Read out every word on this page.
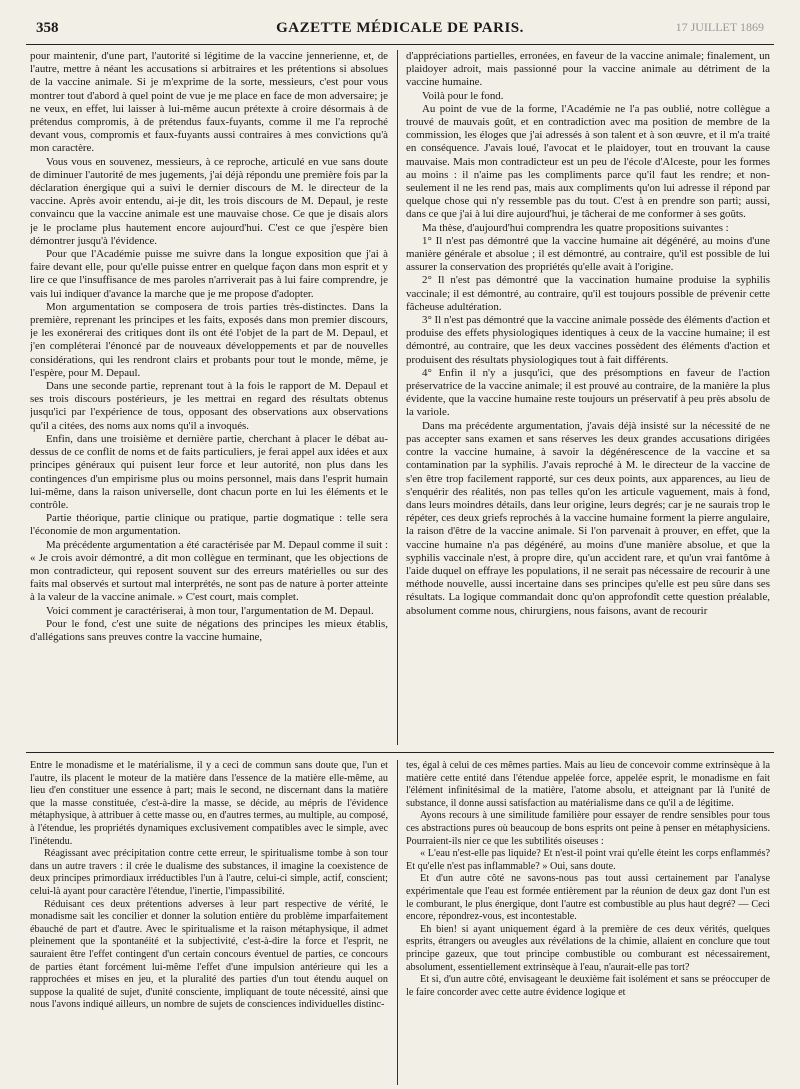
358	GAZETTE MÉDICALE DE PARIS.	17 JUILLET 1869

pour maintenir, d'une part, l'autorité si légitime de la vaccine jennerienne, et, de l'autre, mettre à néant les accusations si arbitraires et les prétentions si absolues de la vaccine animale. Si je m'exprime de la sorte, messieurs, c'est pour vous montrer tout d'abord à quel point de vue je me place en face de mon adversaire; je ne veux, en effet, lui laisser à lui-même aucun prétexte à croire désormais à de prétendus compromis, à de prétendus faux-fuyants, comme il me l'a reproché devant vous, compromis et faux-fuyants aussi contraires à mes convictions qu'à mon caractère.

Vous vous en souvenez, messieurs, à ce reproche, articulé en vue sans doute de diminuer l'autorité de mes jugements, j'ai déjà répondu une première fois par la déclaration énergique qui a suivi le dernier discours de M. le directeur de la vaccine. Après avoir entendu, ai-je dit, les trois discours de M. Depaul, je reste convaincu que la vaccine animale est une mauvaise chose. Ce que je disais alors je le proclame plus hautement encore aujourd'hui. C'est ce que j'espère bien démontrer jusqu'à l'évidence.

Pour que l'Académie puisse me suivre dans la longue exposition que j'ai à faire devant elle, pour qu'elle puisse entrer en quelque façon dans mon esprit et y lire ce que l'insuffisance de mes paroles n'arriverait pas à lui faire comprendre, je vais lui indiquer d'avance la marche que je me propose d'adopter.

Mon argumentation se composera de trois parties très-distinctes. Dans la première, reprenant les principes et les faits, exposés dans mon premier discours, je les exonérerai des critiques dont ils ont été l'objet de la part de M. Depaul, et j'en compléterai l'énoncé par de nouveaux développements et par de nouvelles considérations, qui les rendront clairs et probants pour tout le monde, même, je l'espère, pour M. Depaul.

Dans une seconde partie, reprenant tout à la fois le rapport de M. Depaul et ses trois discours postérieurs, je les mettrai en regard des résultats obtenus jusqu'ici par l'expérience de tous, opposant des observations aux observations qu'il a citées, des noms aux noms qu'il a invoqués.

Enfin, dans une troisième et dernière partie, cherchant à placer le débat au-dessus de ce conflit de noms et de faits particuliers, je ferai appel aux idées et aux principes généraux qui puisent leur force et leur autorité, non plus dans les contingences d'un empirisme plus ou moins personnel, mais dans l'esprit humain lui-même, dans la raison universelle, dont chacun porte en lui les éléments et le contrôle.

Partie théorique, partie clinique ou pratique, partie dogmatique : telle sera l'économie de mon argumentation.

Ma précédente argumentation a été caractérisée par M. Depaul comme il suit : « Je crois avoir démontré, a dit mon collègue en terminant, que les objections de mon contradicteur, qui reposent souvent sur des erreurs matérielles ou sur des faits mal observés et surtout mal interprétés, ne sont pas de nature à porter atteinte à la valeur de la vaccine animale. » C'est court, mais complet.

Voici comment je caractériserai, à mon tour, l'argumentation de M. Depaul.

Pour le fond, c'est une suite de négations des principes les mieux établis, d'allégations sans preuves contre la vaccine humaine,

d'appréciations partielles, erronées, en faveur de la vaccine animale; finalement, un plaidoyer adroit, mais passionné pour la vaccine animale au détriment de la vaccine humaine.

Voilà pour le fond.

Au point de vue de la forme, l'Académie ne l'a pas oublié, notre collègue a trouvé de mauvais goût, et en contradiction avec ma position de membre de la commission, les éloges que j'ai adressés à son talent et à son œuvre, et il m'a traité en conséquence. J'avais loué, l'avocat et le plaidoyer, tout en trouvant la cause mauvaise. Mais mon contradicteur est un peu de l'école d'Alceste, pour les formes au moins : il n'aime pas les compliments parce qu'il faut les rendre; et non-seulement il ne les rend pas, mais aux compliments qu'on lui adresse il répond par quelque chose qui n'y ressemble pas du tout. C'est à en prendre son parti; aussi, dans ce que j'ai à lui dire aujourd'hui, je tâcherai de me conformer à ses goûts.

Ma thèse, d'aujourd'hui comprendra les quatre propositions suivantes :

1° Il n'est pas démontré que la vaccine humaine ait dégénéré, au moins d'une manière générale et absolue ; il est démontré, au contraire, qu'il est possible de lui assurer la conservation des propriétés qu'elle avait à l'origine.

2° Il n'est pas démontré que la vaccination humaine produise la syphilis vaccinale; il est démontré, au contraire, qu'il est toujours possible de prévenir cette fâcheuse adultération.

3° Il n'est pas démontré que la vaccine animale possède des éléments d'action et produise des effets physiologiques identiques à ceux de la vaccine humaine; il est démontré, au contraire, que les deux vaccines possèdent des éléments d'action et produisent des résultats physiologiques tout à fait différents.

4° Enfin il n'y a jusqu'ici, que des présomptions en faveur de l'action préservatrice de la vaccine animale; il est prouvé au contraire, de la manière la plus évidente, que la vaccine humaine reste toujours un préservatif à peu près absolu de la variole.

Dans ma précédente argumentation, j'avais déjà insisté sur la nécessité de ne pas accepter sans examen et sans réserves les deux grandes accusations dirigées contre la vaccine humaine, à savoir la dégénérescence de la vaccine et sa contamination par la syphilis. J'avais reproché à M. le directeur de la vaccine de s'en être trop facilement rapporté, sur ces deux points, aux apparences, au lieu de s'enquérir des réalités, non pas telles qu'on les articule vaguement, mais à fond, dans leurs moindres détails, dans leur origine, leurs degrés; car je ne saurais trop le répéter, ces deux griefs reprochés à la vaccine humaine forment la pierre angulaire, la raison d'être de la vaccine animale. Si l'on parvenait à prouver, en effet, que la vaccine humaine n'a pas dégénéré, au moins d'une manière absolue, et que la syphilis vaccinale n'est, à propre dire, qu'un accident rare, et qu'un vrai fantôme à l'aide duquel on effraye les populations, il ne serait pas nécessaire de recourir à une méthode nouvelle, aussi incertaine dans ses principes qu'elle est peu sûre dans ses résultats. La logique commandait donc qu'on approfondît cette question préalable, absolument comme nous, chirurgiens, nous faisons, avant de recourir

Entre le monadisme et le matérialisme, il y a ceci de commun sans doute que, l'un et l'autre, ils placent le moteur de la matière dans l'essence de la matière elle-même, au lieu d'en constituer une essence à part; mais le second, ne discernant dans la matière que la masse constituée, c'est-à-dire la masse, se décide, au mépris de l'évidence métaphysique, à attribuer à cette masse ou, en d'autres termes, au multiple, au composé, à l'étendue, les propriétés dynamiques exclusivement compatibles avec le simple, avec l'inétendu.

Réagissant avec précipitation contre cette erreur, le spiritualisme tombe à son tour dans un autre travers : il crée le dualisme des substances, il imagine la coexistence de deux principes primordiaux irréductibles l'un à l'autre, celui-ci simple, actif, conscient; celui-là ayant pour caractère l'étendue, l'inertie, l'impassibilité.

Réduisant ces deux prétentions adverses à leur part respective de vérité, le monadisme sait les concilier et donner la solution entière du problème imparfaitement ébauché de part et d'autre. Avec le spiritualisme et la raison métaphysique, il admet pleinement que la spontanéité et la subjectivité, c'est-à-dire la force et l'esprit, ne sauraient être l'effet contingent d'un certain concours éventuel de parties, ce concours de parties étant forcément lui-même l'effet d'une impulsion antérieure qui les a rapprochées et mises en jeu, et la pluralité des parties d'un tout étendu auquel on suppose la qualité de sujet, d'unité consciente, impliquant de toute nécessité, ainsi que nous l'avons indiqué ailleurs, un nombre de sujets de consciences individuelles distinc-

tes, égal à celui de ces mêmes parties. Mais au lieu de concevoir comme extrinsèque à la matière cette entité dans l'étendue appelée force, appelée esprit, le monadisme en fait l'élément infinitésimal de la matière, l'atome absolu, et atteignant par là l'unité de substance, il donne aussi satisfaction au matérialisme dans ce qu'il a de légitime.

Ayons recours à une similitude familière pour essayer de rendre sensibles pour tous ces abstractions pures où beaucoup de bons esprits ont peine à penser en métaphysiciens. Pourraient-ils nier ce que les subtilités oiseuses :

« L'eau n'est-elle pas liquide? Et n'est-il point vrai qu'elle éteint les corps enflammés? Et qu'elle n'est pas inflammable? » Oui, sans doute.

Et d'un autre côté ne savons-nous pas tout aussi certainement par l'analyse expérimentale que l'eau est formée entièrement par la réunion de deux gaz dont l'un est le comburant, le plus énergique, dont l'autre est combustible au plus haut degré? — Ceci encore, répondrez-vous, est incontestable.

Eh bien! si ayant uniquement égard à la première de ces deux vérités, quelques esprits, étrangers ou aveugles aux révélations de la chimie, allaient en conclure que tout principe gazeux, que tout principe combustible ou comburant est nécessairement, absolument, essentiellement extrinsèque à l'eau, n'aurait-elle pas tort?

Et si, d'un autre côté, envisageant le deuxième fait isolément et sans se préoccuper de le faire concorder avec cette autre évidence logique et
